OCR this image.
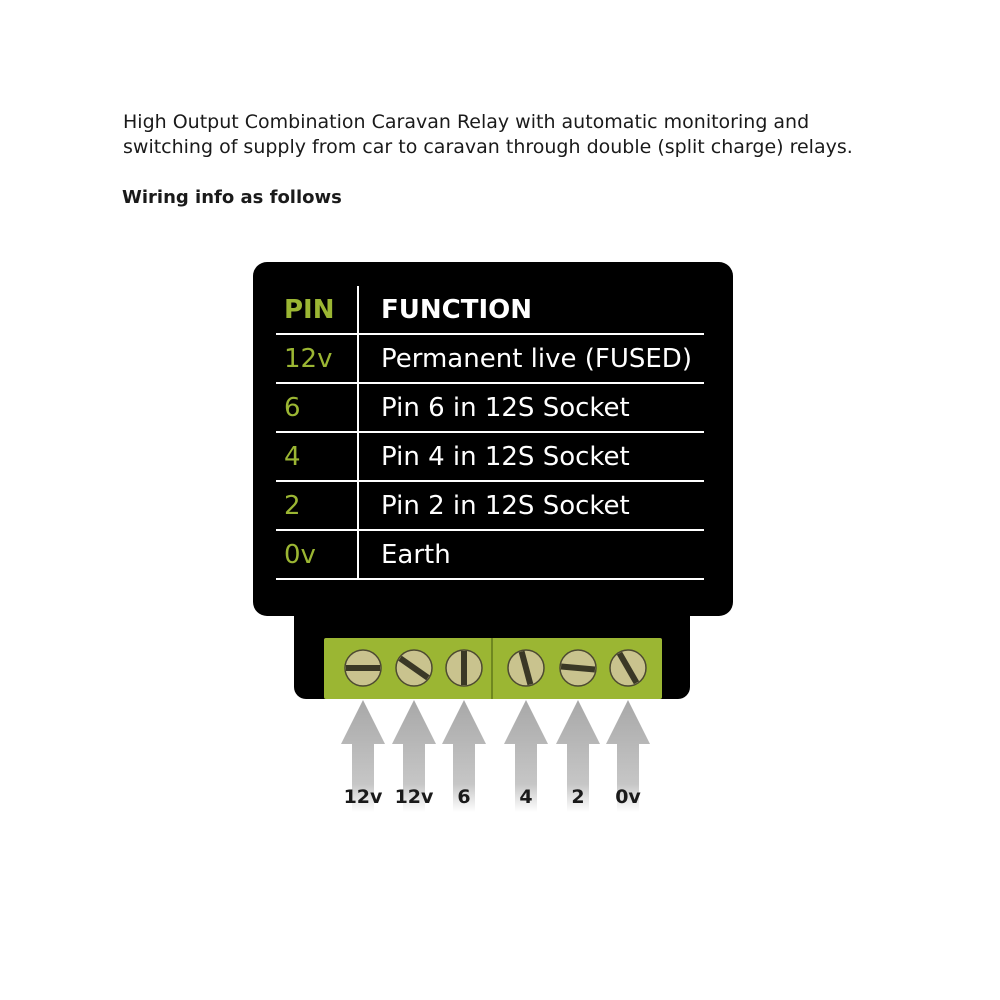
High Output Combination Caravan Relay with automatic monitoring and switching of supply from car to caravan through double (split charge) relays.

Wiring info as follows
PIN	FUNCTION
12v	Permanent live (FUSED)
6	Pin 6 in 12S Socket
4	Pin 4 in 12S Socket
2	Pin 2 in 12S Socket
0v	Earth
12v 12v	6	4	2	0v
